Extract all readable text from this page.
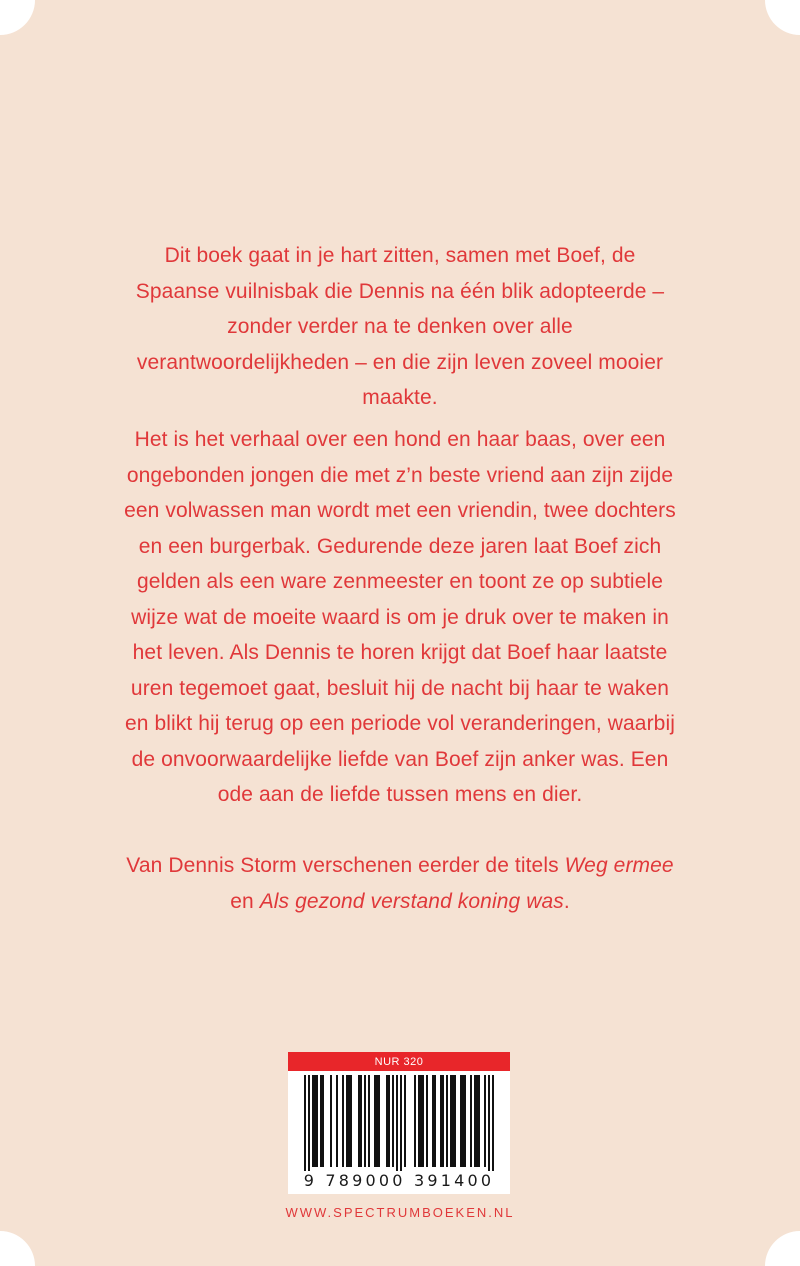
Dit boek gaat in je hart zitten, samen met Boef, de Spaanse vuilnisbak die Dennis na één blik adopteerde – zonder verder na te denken over alle verantwoordelijkheden – en die zijn leven zoveel mooier maakte.

Het is het verhaal over een hond en haar baas, over een ongebonden jongen die met z’n beste vriend aan zijn zijde een volwassen man wordt met een vriendin, twee dochters en een burgerbak. Gedurende deze jaren laat Boef zich gelden als een ware zenmeester en toont ze op subtiele wijze wat de moeite waard is om je druk over te maken in het leven. Als Dennis te horen krijgt dat Boef haar laatste uren tegemoet gaat, besluit hij de nacht bij haar te waken en blikt hij terug op een periode vol veranderingen, waarbij de onvoorwaardelijke liefde van Boef zijn anker was. Een ode aan de liefde tussen mens en dier.

Van Dennis Storm verschenen eerder de titels Weg ermee en Als gezond verstand koning was.

NUR 320
9 789000 391400
WWW.SPECTRUMBOEKEN.NL
